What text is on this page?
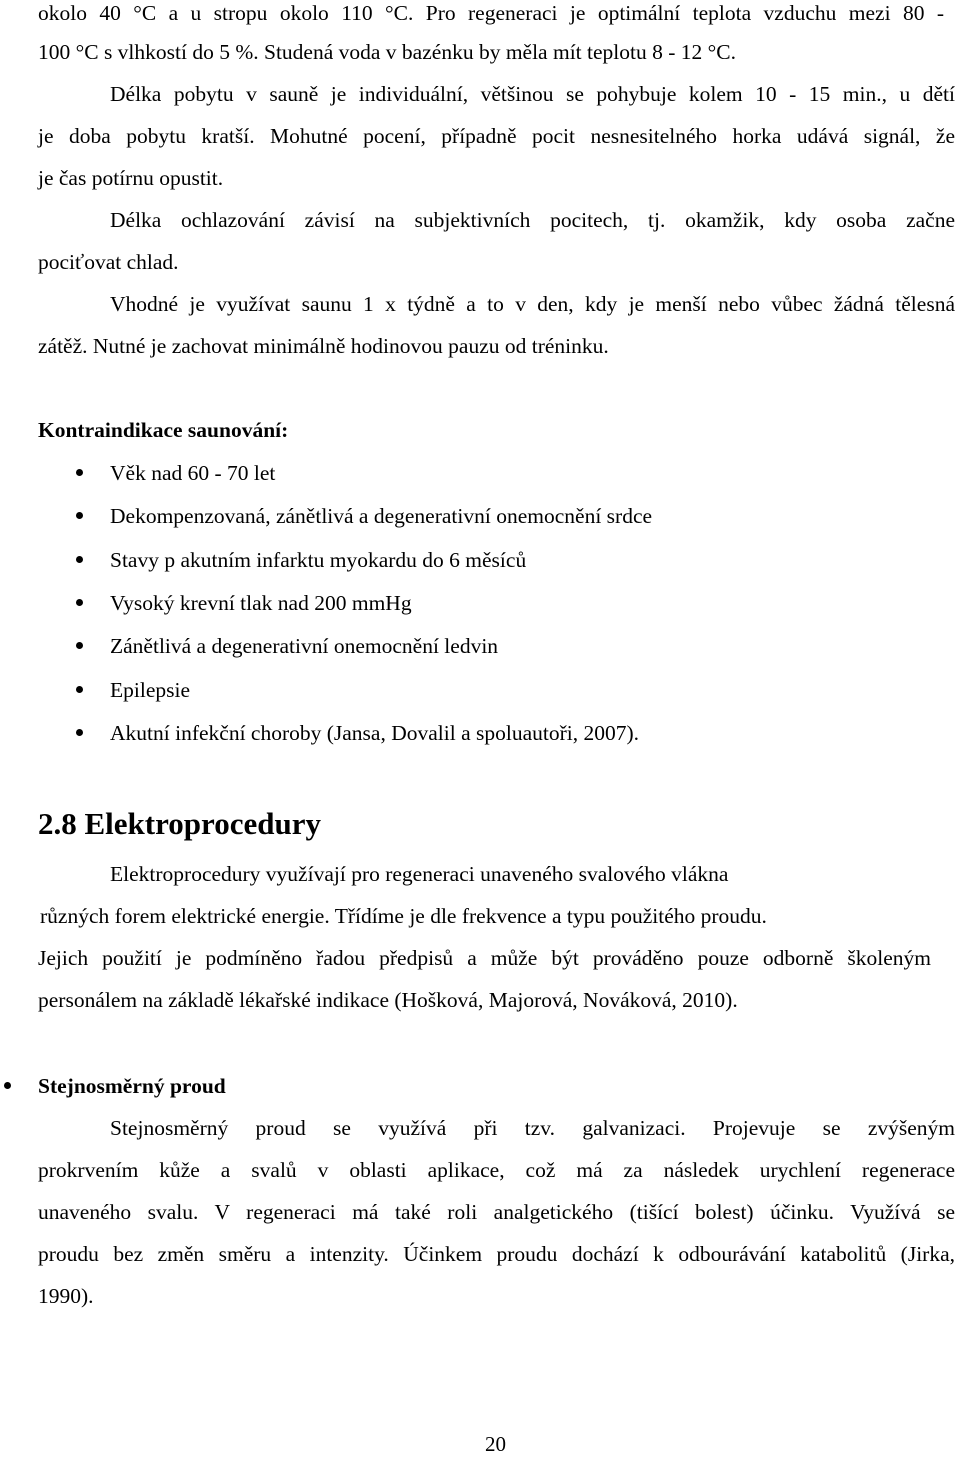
okolo 40 °C a u stropu okolo 110 °C. Pro regeneraci je optimální teplota vzduchu mezi 80 -
100 °C s vlhkostí do 5 %. Studená voda v bazénku by měla mít teplotu 8 - 12 °C.
Délka pobytu v sauně je individuální, většinou se pohybuje kolem 10 - 15 min., u dětí
je doba pobytu kratší. Mohutné pocení, případně pocit nesnesitelného horka udává signál, že
je čas potírnu opustit.
Délka ochlazování závisí na subjektivních pocitech, tj. okamžik, kdy osoba začne
pociťovat chlad.
Vhodné je využívat saunu 1 x týdně a to v den, kdy je menší nebo vůbec žádná tělesná
zátěž. Nutné je zachovat minimálně hodinovou pauzu od tréninku.
Kontraindikace saunování:
Věk nad 60 - 70 let
Dekompenzovaná, zánětlivá a degenerativní onemocnění srdce
Stavy p akutním infarktu myokardu do 6 měsíců
Vysoký krevní tlak nad 200 mmHg
Zánětlivá a degenerativní onemocnění ledvin
Epilepsie
Akutní infekční choroby (Jansa, Dovalil a spoluautoři, 2007).
2.8 Elektroprocedury
Elektroprocedury využívají pro regeneraci unaveného svalového vlákna
různých forem elektrické energie. Třídíme je dle frekvence a typu použitého proudu.
Jejich použití je podmíněno řadou předpisů a může být prováděno pouze odborně školeným
personálem na základě lékařské indikace (Hošková, Majorová, Nováková, 2010).
Stejnosměrný proud
Stejnosměrný proud se využívá při tzv. galvanizaci. Projevuje se zvýšeným
prokrvením kůže a svalů v oblasti aplikace, což má za následek urychlení regenerace
unaveného svalu. V regeneraci má také roli analgetického (tišící bolest) účinku. Využívá se
proudu bez změn směru a intenzity. Účinkem proudu dochází k odbourávání katabolitů (Jirka,
1990).
20
